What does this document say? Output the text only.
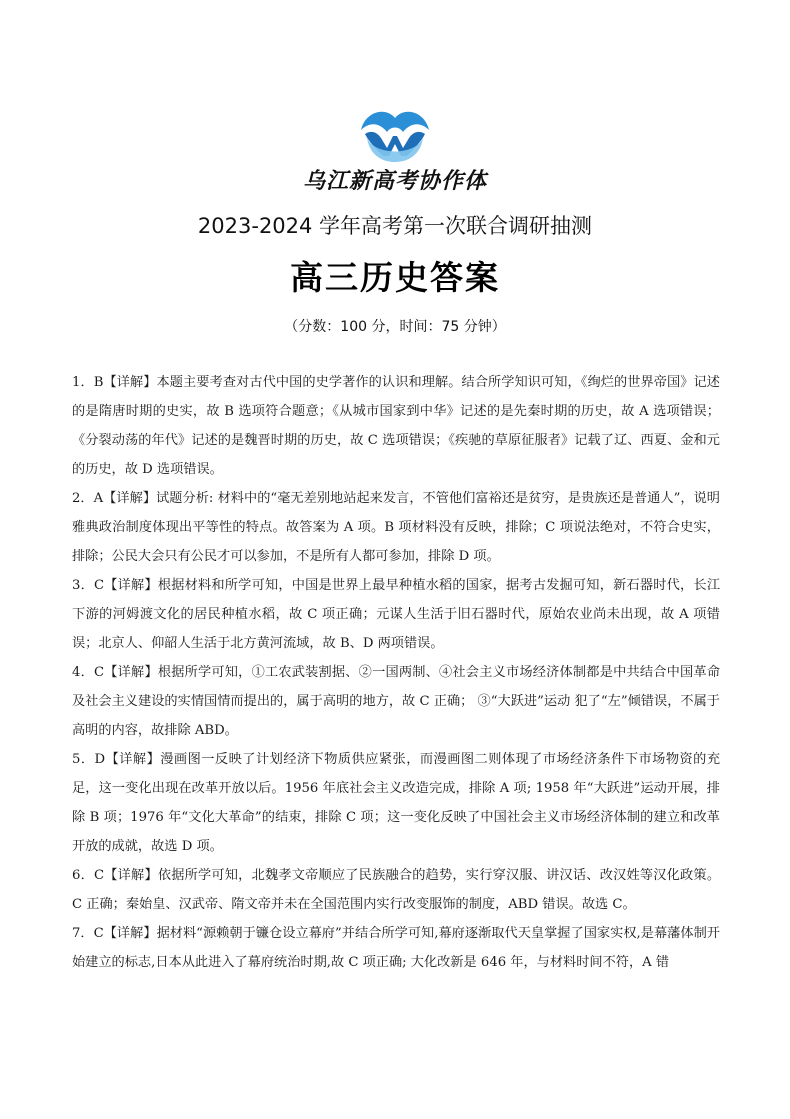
乌江新高考协作体
2023-2024 学年高考第一次联合调研抽测
高三历史答案
（分数：100 分，时间：75 分钟）

1．B【详解】本题主要考查对古代中国的史学著作的认识和理解。结合所学知识可知，《绚烂的世界帝国》记述的是隋唐时期的史实，故 B 选项符合题意；《从城市国家到中华》记述的是先秦时期的历史，故 A 选项错误；《分裂动荡的年代》记述的是魏晋时期的历史，故 C 选项错误；《疾驰的草原征服者》记载了辽、西夏、金和元的历史，故 D 选项错误。

2．A【详解】试题分析: 材料中的“毫无差别地站起来发言，不管他们富裕还是贫穷，是贵族还是普通人”，说明雅典政治制度体现出平等性的特点。故答案为 A 项。B 项材料没有反映，排除；C 项说法绝对，不符合史实，排除；公民大会只有公民才可以参加，不是所有人都可参加，排除 D 项。

3．C【详解】根据材料和所学可知，中国是世界上最早种植水稻的国家，据考古发掘可知，新石器时代，长江下游的河姆渡文化的居民种植水稻，故 C 项正确；元谋人生活于旧石器时代，原始农业尚未出现，故 A 项错误；北京人、仰韶人生活于北方黄河流域，故 B、D 两项错误。

4．C【详解】根据所学可知，①工农武装割据、②一国两制、④社会主义市场经济体制都是中共结合中国革命及社会主义建设的实情国情而提出的，属于高明的地方，故 C 正确； ③“大跃进”运动 犯了“左”倾错误，不属于高明的内容，故排除 ABD。

5．D【详解】漫画图一反映了计划经济下物质供应紧张，而漫画图二则体现了市场经济条件下市场物资的充足，这一变化出现在改革开放以后。1956 年底社会主义改造完成，排除 A 项; 1958 年“大跃进”运动开展，排除 B 项；1976 年“文化大革命”的结束，排除 C 项；这一变化反映了中国社会主义市场经济体制的建立和改革开放的成就，故选 D 项。

6．C【详解】依据所学可知，北魏孝文帝顺应了民族融合的趋势，实行穿汉服、讲汉话、改汉姓等汉化政策。C 正确；秦始皇、汉武帝、隋文帝并未在全国范围内实行改变服饰的制度，ABD 错误。故选 C。

7．C【详解】据材料“源赖朝于镰仓设立幕府”并结合所学可知,幕府逐渐取代天皇掌握了国家实权,是幕藩体制开始建立的标志,日本从此进入了幕府统治时期,故 C 项正确; 大化改新是 646 年，与材料时间不符，A 错
